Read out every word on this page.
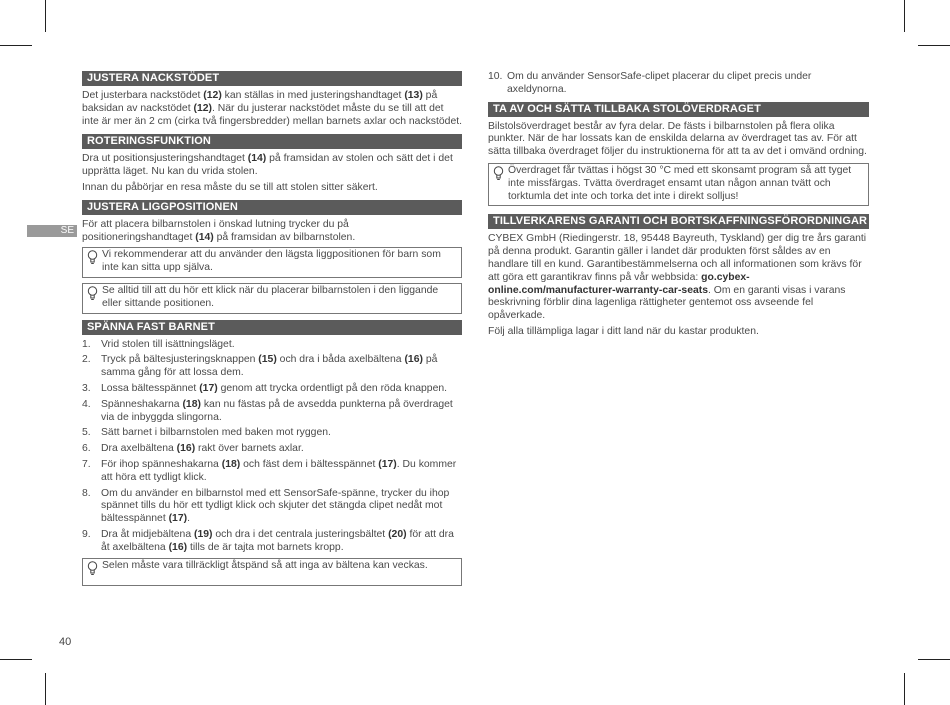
SE
JUSTERA NACKSTÖDET

Det justerbara nackstödet (12) kan ställas in med justeringshandtaget (13) på baksidan av nackstödet (12). När du justerar nackstödet måste du se till att det inte är mer än 2 cm (cirka två fingersbredder) mellan barnets axlar och nackstödet.

ROTERINGSFUNKTION

Dra ut positionsjusteringshandtaget (14) på framsidan av stolen och sätt det i det upprätta läget. Nu kan du vrida stolen.

Innan du påbörjar en resa måste du se till att stolen sitter säkert.

JUSTERA LIGGPOSITIONEN

För att placera bilbarnstolen i önskad lutning trycker du på positioneringshandtaget (14) på framsidan av bilbarnstolen.

Vi rekommenderar att du använder den lägsta liggpositionen för barn som inte kan sitta upp själva.
Se alltid till att du hör ett klick när du placerar bilbarnstolen i den liggande eller sittande positionen.
SPÄNNA FAST BARNET
1. Vrid stolen till isättningsläget.
2. Tryck på bältesjusteringsknappen (15) och dra i båda axelbältena (16) på samma gång för att lossa dem.
3. Lossa bältesspännet (17) genom att trycka ordentligt på den röda knappen.
4. Spänneshakarna (18) kan nu fästas på de avsedda punkterna på överdraget via de inbyggda slingorna.
5. Sätt barnet i bilbarnstolen med baken mot ryggen.
6. Dra axelbältena (16) rakt över barnets axlar.
7. För ihop spänneshakarna (18) och fäst dem i bältesspännet (17). Du kommer att höra ett tydligt klick.
8. Om du använder en bilbarnstol med ett SensorSafe-spänne, trycker du ihop spännet tills du hör ett tydligt klick och skjuter det stängda clipet nedåt mot bältesspännet (17).
9. Dra åt midjebältena (19) och dra i det centrala justeringsbältet (20) för att dra åt axelbältena (16) tills de är tajta mot barnets kropp.
Selen måste vara tillräckligt åtspänd så att inga av bältena kan veckas.
10. Om du använder SensorSafe-clipet placerar du clipet precis under axeldynorna.
TA AV OCH SÄTTA TILLBAKA STOLÖVERDRAGET

Bilstolsöverdraget består av fyra delar. De fästs i bilbarnstolen på flera olika punkter. När de har lossats kan de enskilda delarna av överdraget tas av. För att sätta tillbaka överdraget följer du instruktionerna för att ta av det i omvänd ordning.

Överdraget får tvättas i högst 30 °C med ett skonsamt program så att tyget inte missfärgas. Tvätta överdraget ensamt utan någon annan tvätt och torktumla det inte och torka det inte i direkt solljus!
TILLVERKARENS GARANTI OCH BORTSKAFFNINGSFÖRORDNINGAR

CYBEX GmbH (Riedingerstr. 18, 95448 Bayreuth, Tyskland) ger dig tre års garanti på denna produkt. Garantin gäller i landet där produkten först såldes av en handlare till en kund. Garantibestämmelserna och all informationen som krävs för att göra ett garantikrav finns på vår webbsida: go.cybex-online.com/manufacturer-warranty-car-seats. Om en garanti visas i varans beskrivning förblir dina lagenliga rättigheter gentemot oss avseende fel opåverkade.

Följ alla tillämpliga lagar i ditt land när du kastar produkten.

40
